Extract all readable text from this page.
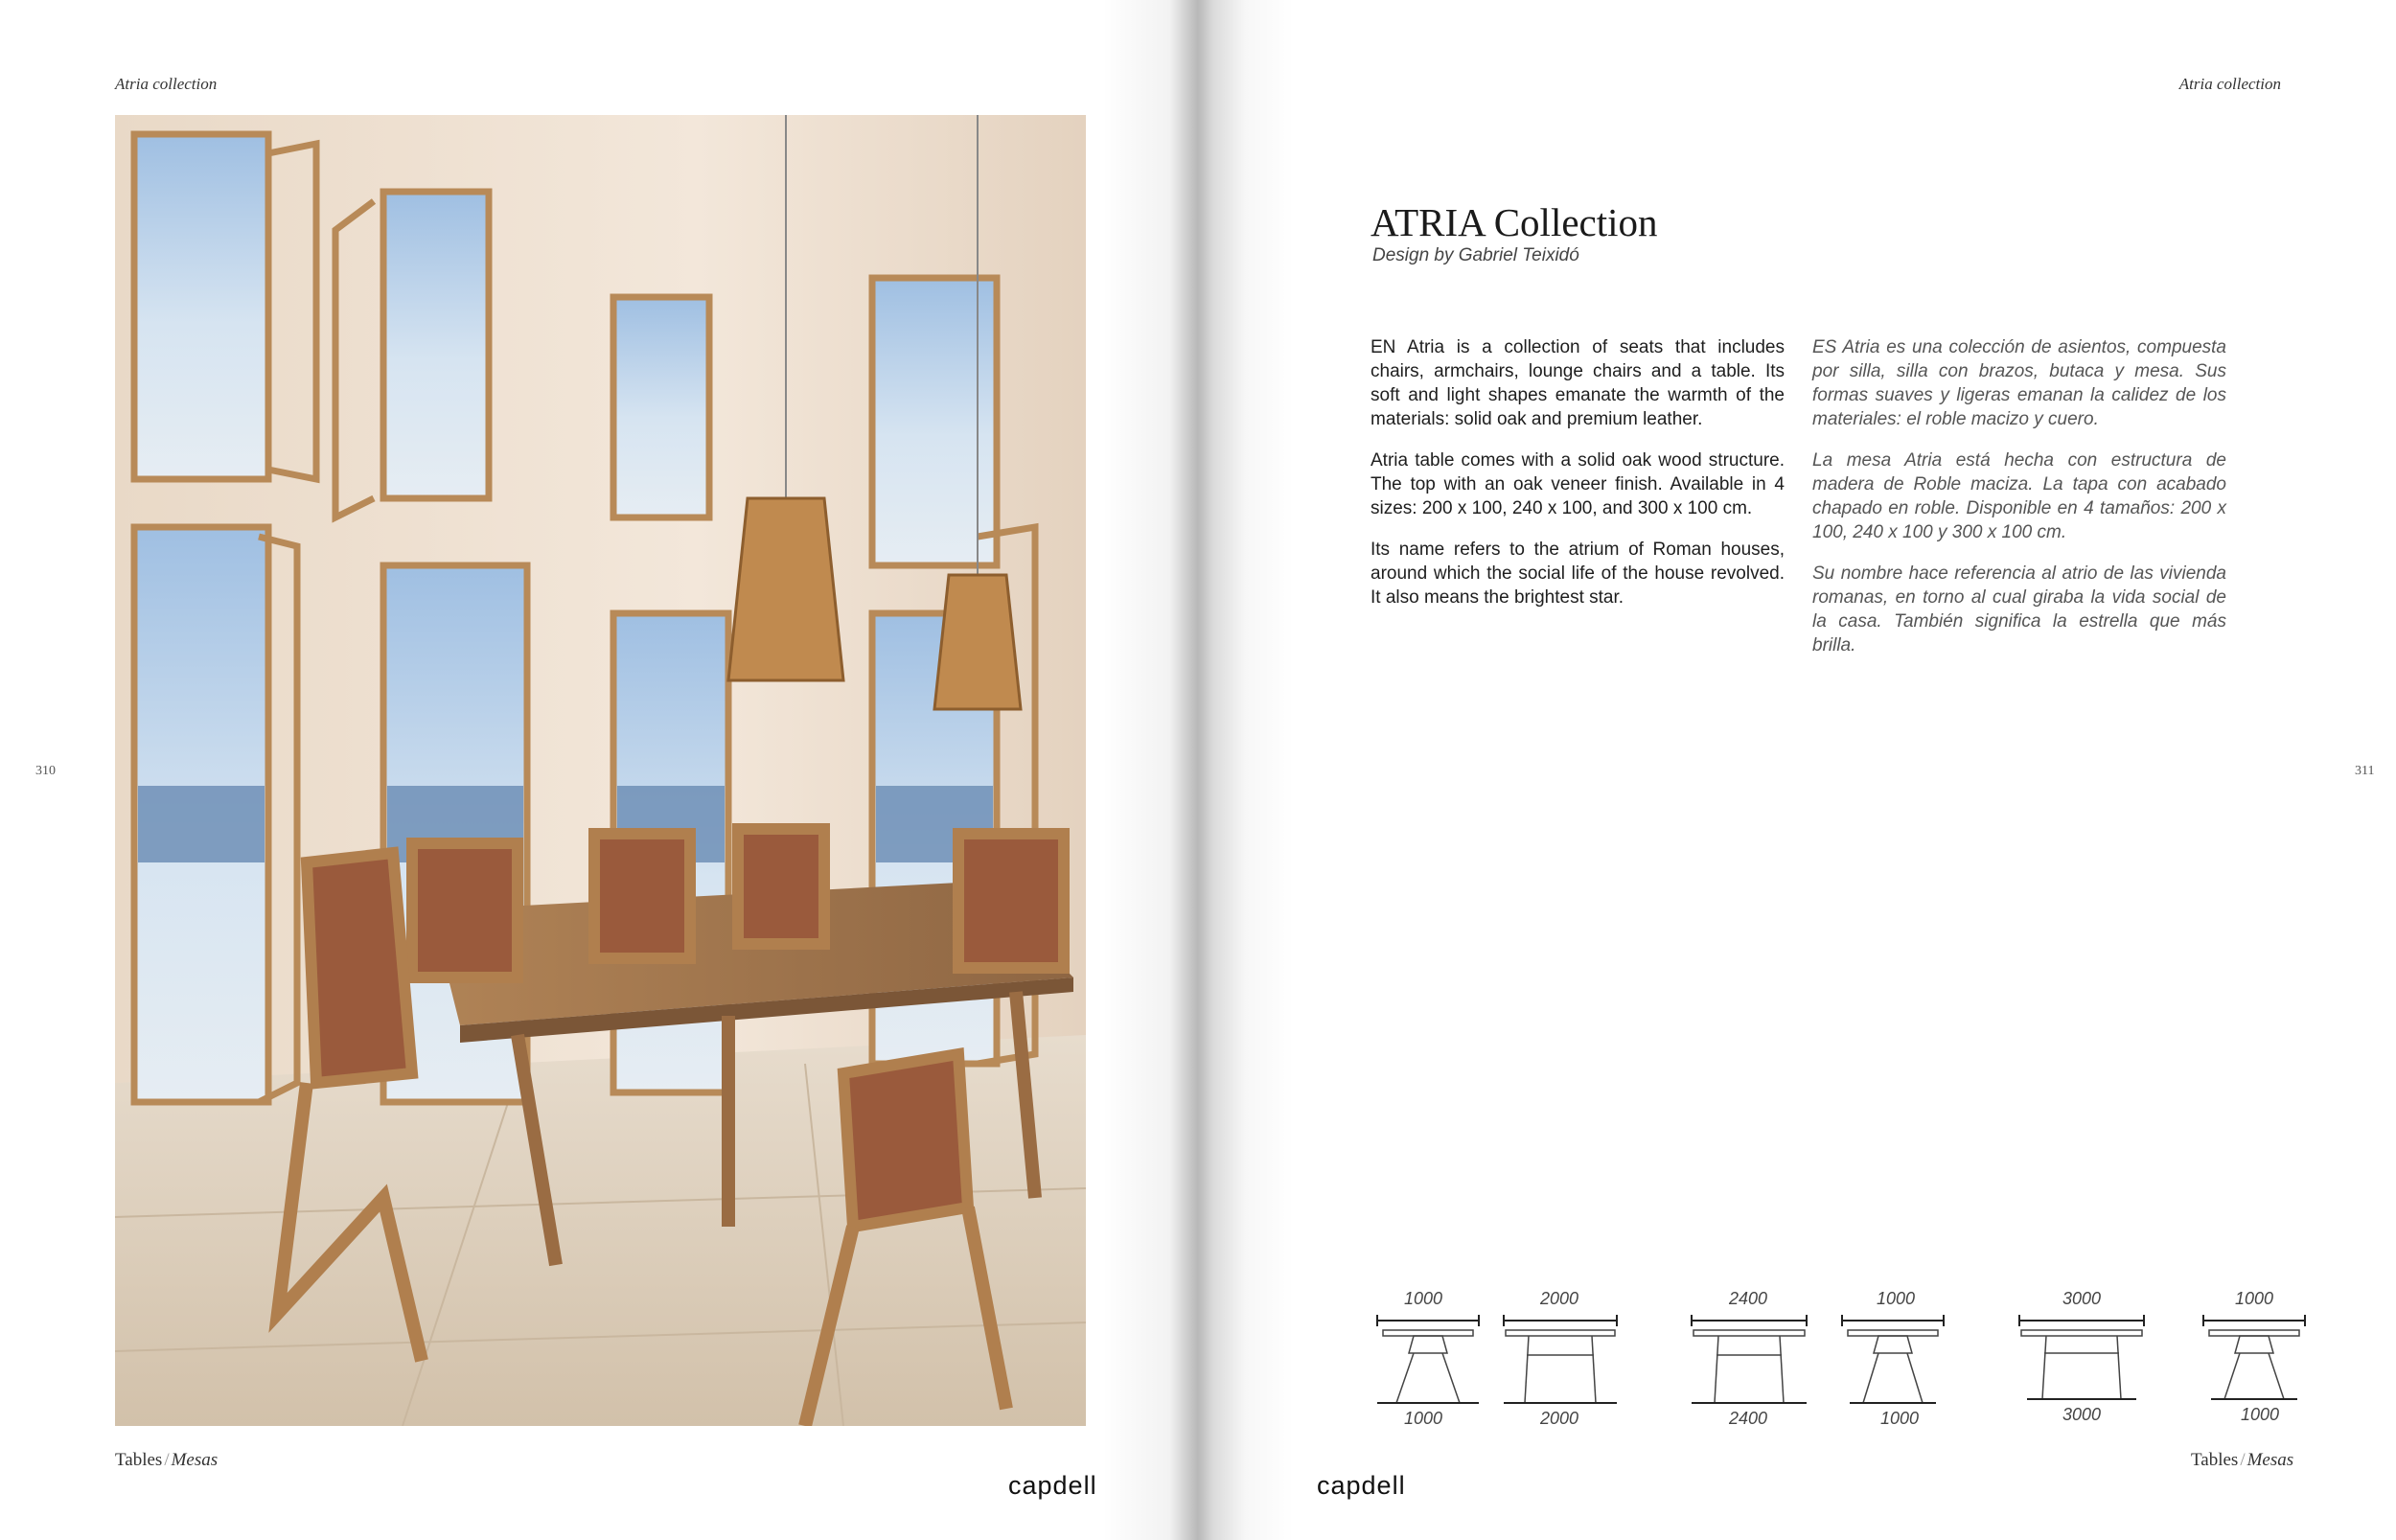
Atria collection
310
Tables / Mesas
capdell
Atria collection
ATRIA Collection
Design by Gabriel Teixidó

EN Atria is a collection of seats that includes chairs, armchairs, lounge chairs and a table. Its soft and light shapes emanate the warmth of the materials: solid oak and premium leather.

Atria table comes with a solid oak wood structure. The top with an oak veneer finish. Available in 4 sizes: 200 x 100, 240 x 100, and 300 x 100 cm.

Its name refers to the atrium of Roman houses, around which the social life of the house revolved. It also means the brightest star.

ES Atria es una colección de asientos, compuesta por silla, silla con brazos, butaca y mesa. Sus formas suaves y ligeras emanan la calidez de los materiales: el roble macizo y cuero.

La mesa Atria está hecha con estructura de madera de Roble maciza. La tapa con acabado chapado en roble. Disponible en 4 tamaños: 200 x 100, 240 x 100 y 300 x 100 cm.

Su nombre hace referencia al atrio de las vivienda romanas, en torno al cual giraba la vida social de la casa. También significa la estrella que más brilla.

1000
1000
2000
2000
2400
2400
1000
1000
3000
3000
1000
1000
311
capdell
Tables / Mesas
